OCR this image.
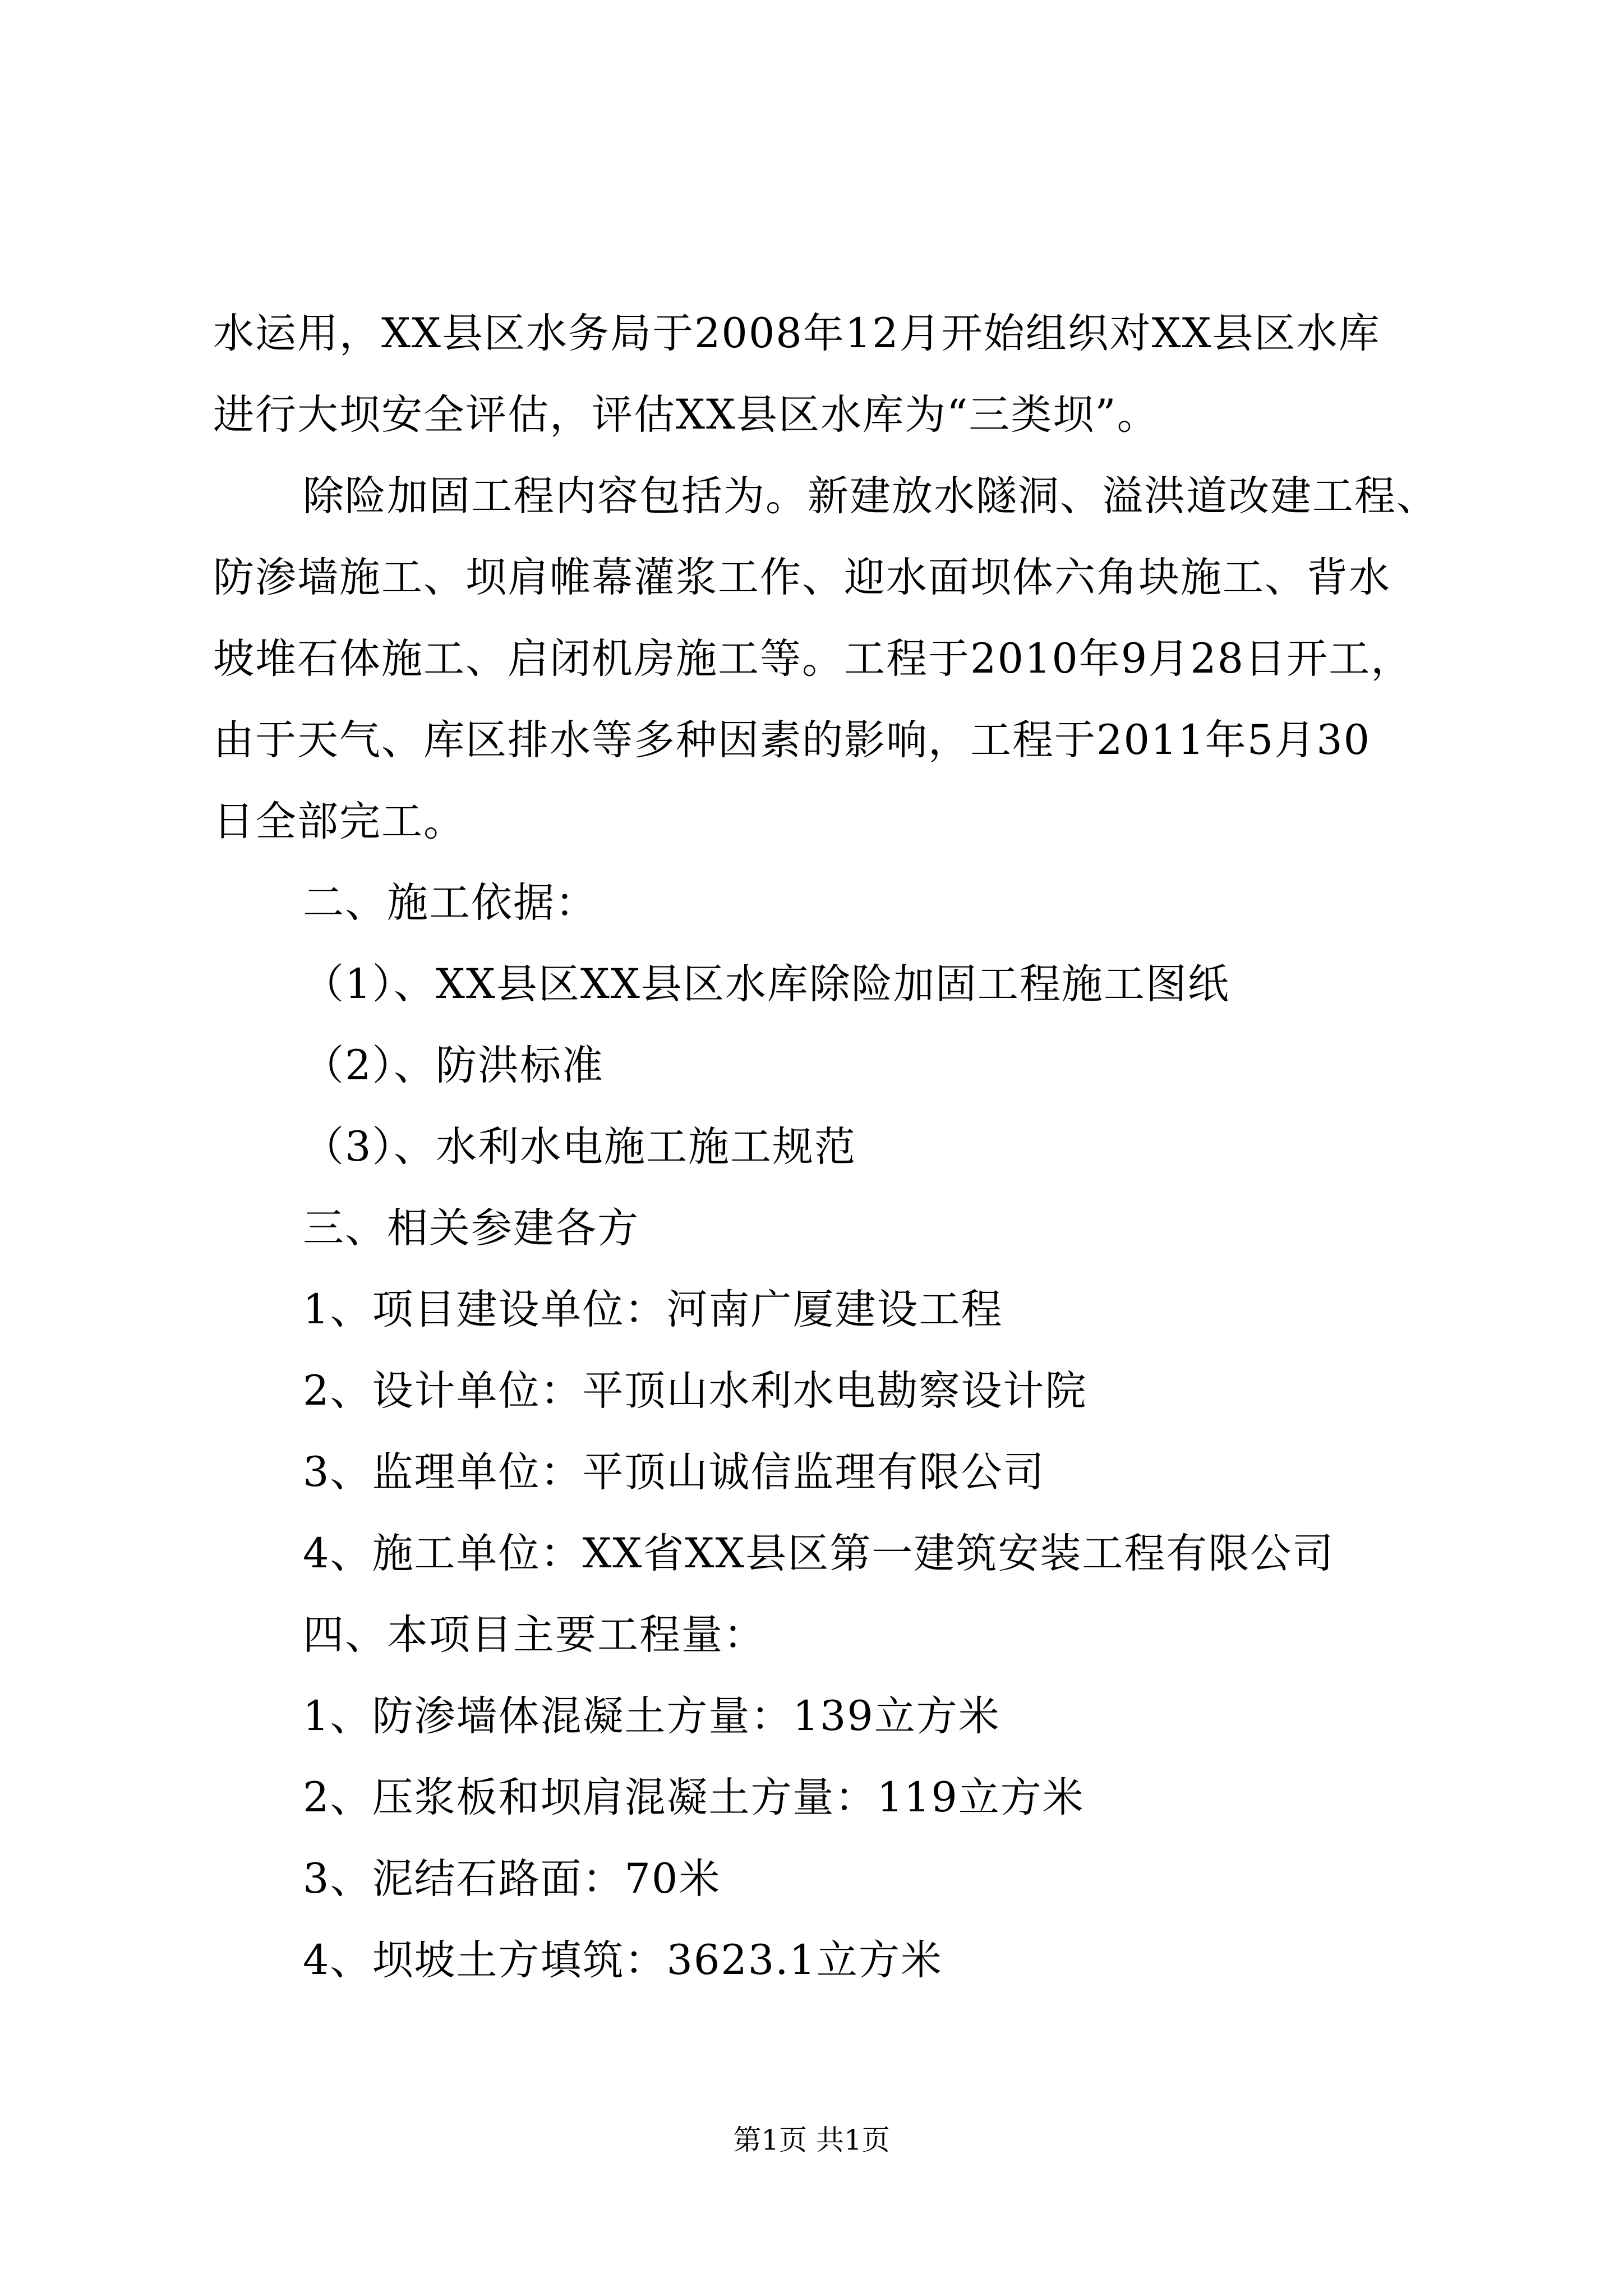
水运用，XX县区水务局于2008年12月开始组织对XX县区水库
进行大坝安全评估，评估XX县区水库为“三类坝”。
除险加固工程内容包括为。新建放水隧洞、溢洪道改建工程、
防渗墙施工、坝肩帷幕灌浆工作、迎水面坝体六角块施工、背水
坡堆石体施工、启闭机房施工等。工程于2010年9月28日开工，
由于天气、库区排水等多种因素的影响，工程于2011年5月30
日全部完工。
二、施工依据：
（1）、XX县区XX县区水库除险加固工程施工图纸
（2）、防洪标准
（3）、水利水电施工施工规范
三、相关参建各方
1、项目建设单位：河南广厦建设工程
2、设计单位：平顶山水利水电勘察设计院
3、监理单位：平顶山诚信监理有限公司
4、施工单位：XX省XX县区第一建筑安装工程有限公司
四、本项目主要工程量：
1、防渗墙体混凝土方量：139立方米
2、压浆板和坝肩混凝土方量：119立方米
3、泥结石路面：70米
4、坝坡土方填筑：3623.1立方米
第1页 共1页
